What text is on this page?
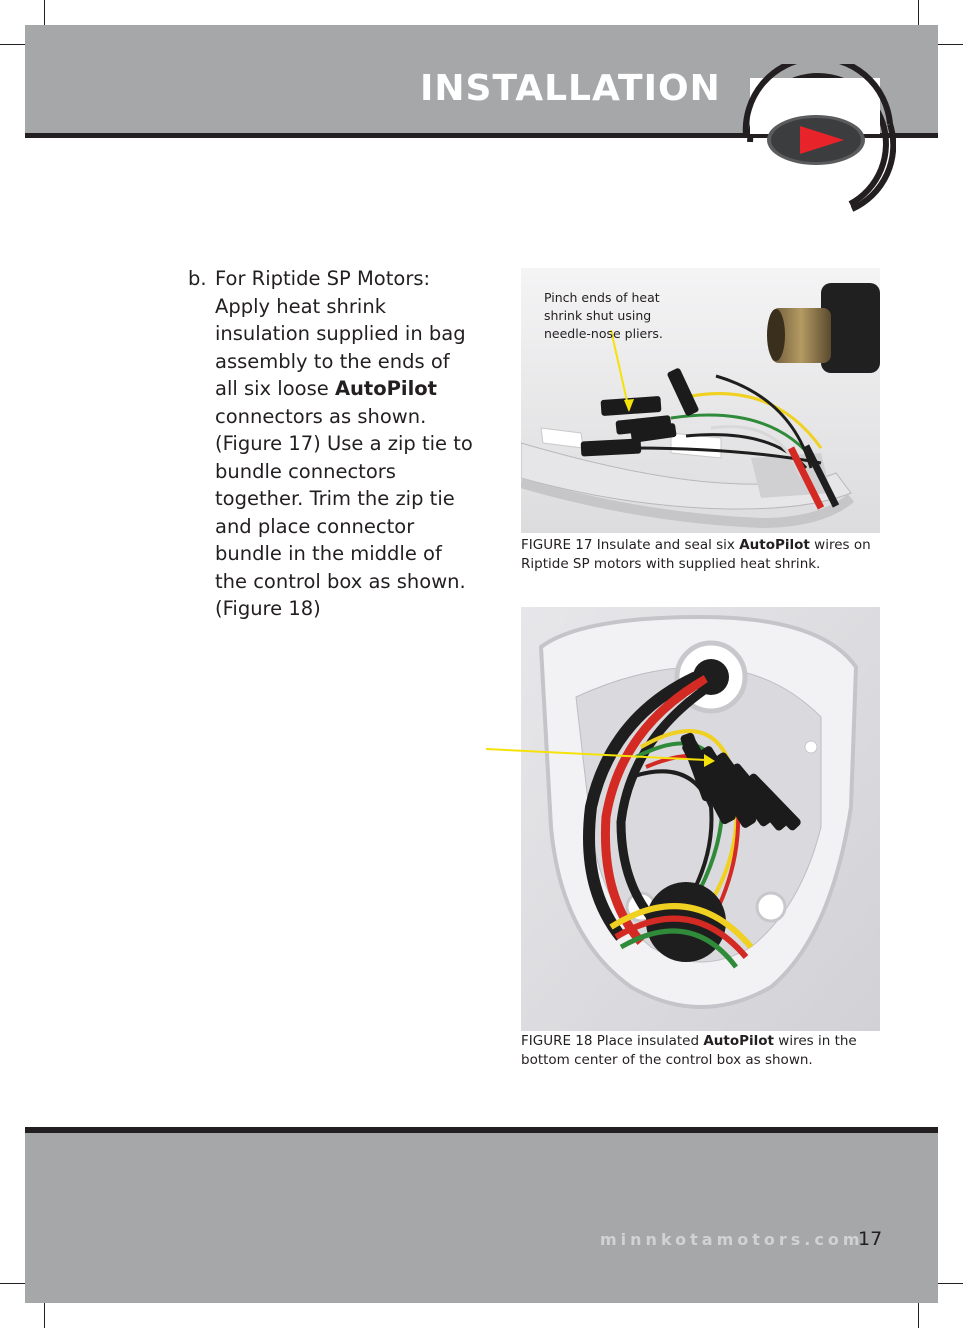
INSTALLATION
b. For Riptide SP Motors: Apply heat shrink insulation supplied in bag assembly to the ends of all six loose AutoPilot connectors as shown. (Figure 17) Use a zip tie to bundle connectors together. Trim the zip tie and place connector bundle in the middle of the control box as shown. (Figure 18)
Pinch ends of heat shrink shut using needle-nose pliers.
FIGURE 17 Insulate and seal six AutoPilot wires on Riptide SP motors with supplied heat shrink.
FIGURE 18 Place insulated AutoPilot wires in the bottom center of the control box as shown.
minnkotamotors.com
17
